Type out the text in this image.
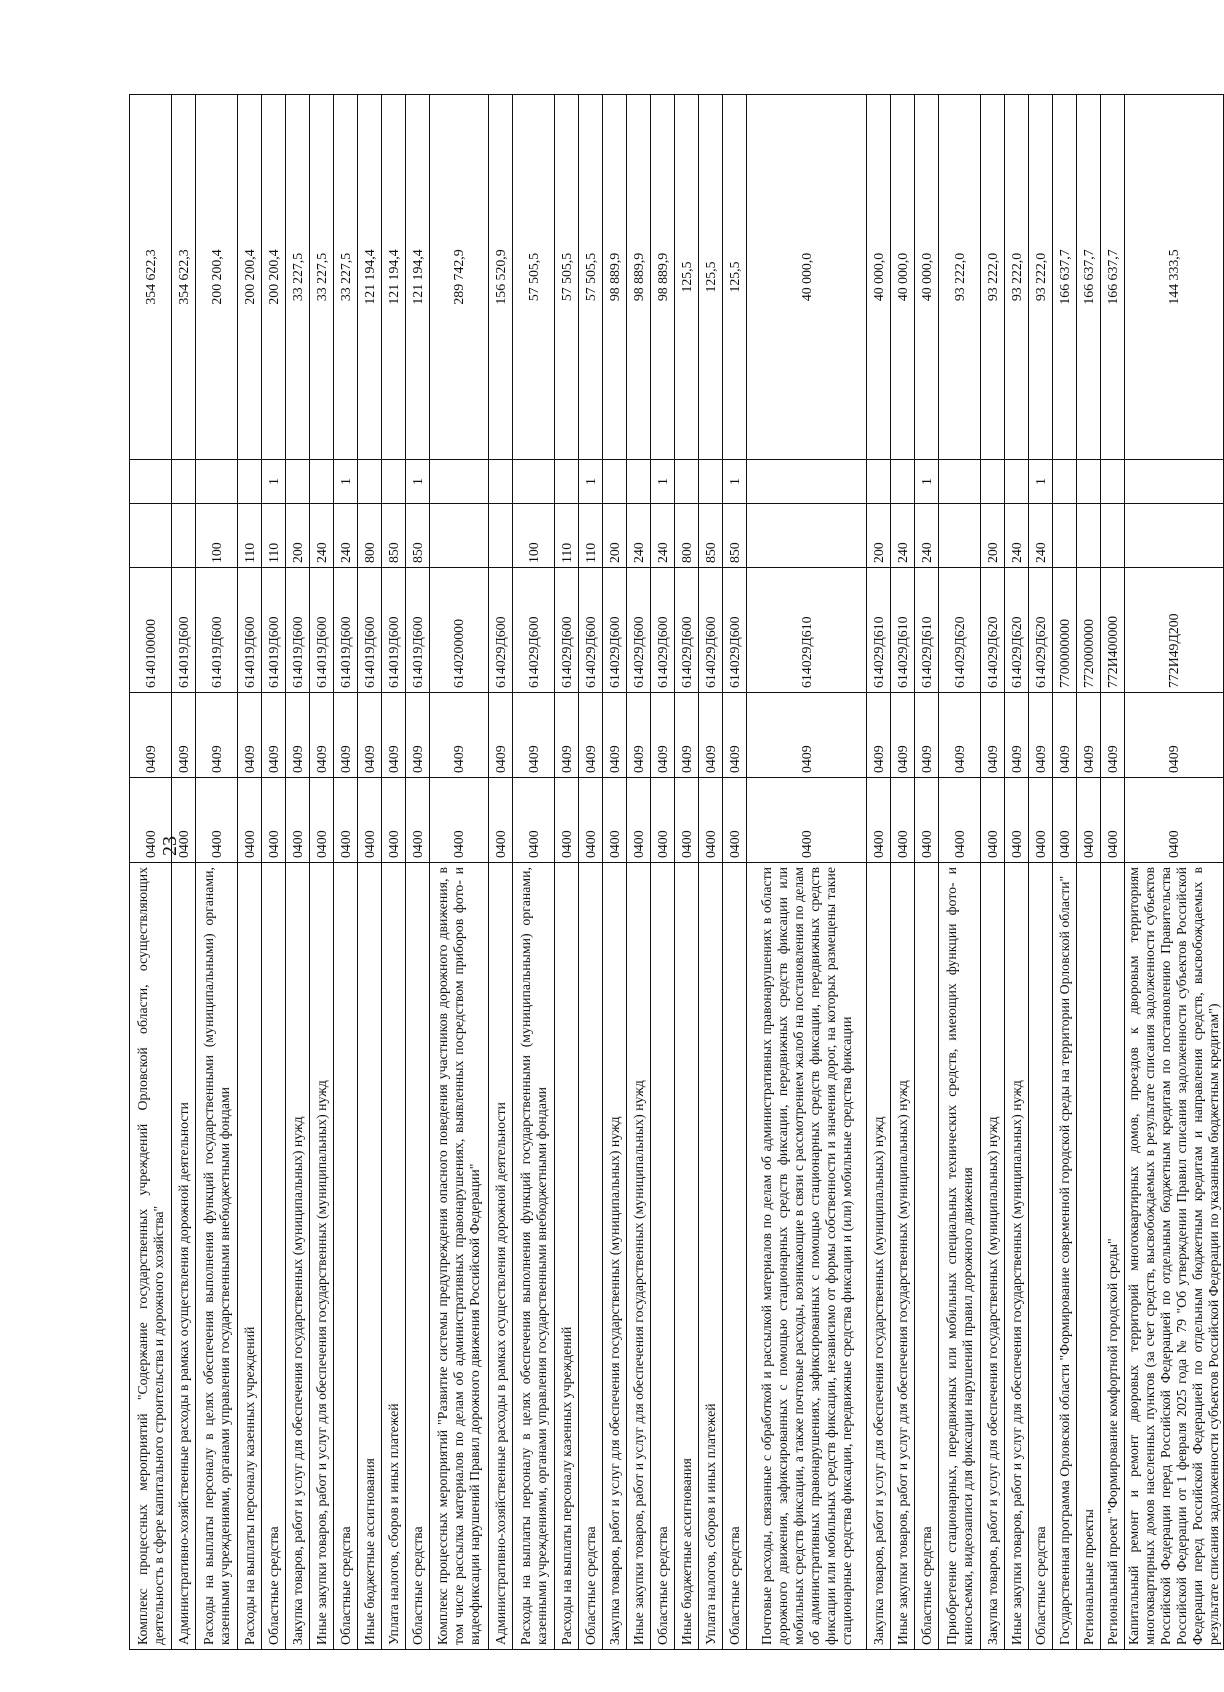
23
Комплекс процессных мероприятий "Содержание государственных учреждений Орловской области, осуществляющих деятельность в сфере капитального строительства и дорожного хозяйства"	0400	0409	6140100000			354 622,3
Административно-хозяйственные расходы в рамках осуществления дорожной деятельности	0400	0409	614019Д600			354 622,3
Расходы на выплаты персоналу в целях обеспечения выполнения функций государственными (муниципальными) органами, казенными учреждениями, органами управления государственными внебюджетными фондами	0400	0409	614019Д600	100		200 200,4
Расходы на выплаты персоналу казенных учреждений	0400	0409	614019Д600	110		200 200,4
Областные средства	0400	0409	614019Д600	110	1	200 200,4
Закупка товаров, работ и услуг для обеспечения государственных (муниципальных) нужд	0400	0409	614019Д600	200		33 227,5
Иные закупки товаров, работ и услуг для обеспечения государственных (муниципальных) нужд	0400	0409	614019Д600	240		33 227,5
Областные средства	0400	0409	614019Д600	240	1	33 227,5
Иные бюджетные ассигнования	0400	0409	614019Д600	800		121 194,4
Уплата налогов, сборов и иных платежей	0400	0409	614019Д600	850		121 194,4
Областные средства	0400	0409	614019Д600	850	1	121 194,4
Комплекс процессных мероприятий "Развитие системы предупреждения опасного поведения участников дорожного движения, в том числе рассылка материалов по делам об административных правонарушениях, выявленных посредством приборов фото- и видеофиксации нарушений Правил дорожного движения Российской Федерации"	0400	0409	6140200000			289 742,9
Административно-хозяйственные расходы в рамках осуществления дорожной деятельности	0400	0409	614029Д600			156 520,9
Расходы на выплаты персоналу в целях обеспечения выполнения функций государственными (муниципальными) органами, казенными учреждениями, органами управления государственными внебюджетными фондами	0400	0409	614029Д600	100		57 505,5
Расходы на выплаты персоналу казенных учреждений	0400	0409	614029Д600	110		57 505,5
Областные средства	0400	0409	614029Д600	110	1	57 505,5
Закупка товаров, работ и услуг для обеспечения государственных (муниципальных) нужд	0400	0409	614029Д600	200		98 889,9
Иные закупки товаров, работ и услуг для обеспечения государственных (муниципальных) нужд	0400	0409	614029Д600	240		98 889,9
Областные средства	0400	0409	614029Д600	240	1	98 889,9
Иные бюджетные ассигнования	0400	0409	614029Д600	800		125,5
Уплата налогов, сборов и иных платежей	0400	0409	614029Д600	850		125,5
Областные средства	0400	0409	614029Д600	850	1	125,5
Почтовые расходы, связанные с обработкой и рассылкой материалов по делам об административных правонарушениях в области дорожного движения, зафиксированных с помощью стационарных средств фиксации, передвижных средств фиксации или мобильных средств фиксации, а также почтовые расходы, возникающие в связи с рассмотрением жалоб на постановления по делам об административных правонарушениях, зафиксированных с помощью стационарных средств фиксации, передвижных средств фиксации или мобильных средств фиксации, независимо от формы собственности и значения дорог, на которых размещены такие стационарные средства фиксации, передвижные средства фиксации и (или) мобильные средства фиксации	0400	0409	614029Д610			40 000,0
Закупка товаров, работ и услуг для обеспечения государственных (муниципальных) нужд	0400	0409	614029Д610	200		40 000,0
Иные закупки товаров, работ и услуг для обеспечения государственных (муниципальных) нужд	0400	0409	614029Д610	240		40 000,0
Областные средства	0400	0409	614029Д610	240	1	40 000,0
Приобретение стационарных, передвижных или мобильных специальных технических средств, имеющих функции фото- и киносъемки, видеозаписи для фиксации нарушений правил дорожного движения	0400	0409	614029Д620			93 222,0
Закупка товаров, работ и услуг для обеспечения государственных (муниципальных) нужд	0400	0409	614029Д620	200		93 222,0
Иные закупки товаров, работ и услуг для обеспечения государственных (муниципальных) нужд	0400	0409	614029Д620	240		93 222,0
Областные средства	0400	0409	614029Д620	240	1	93 222,0
Государственная программа Орловской области "Формирование современной городской среды на территории Орловской области"	0400	0409	7700000000			166 637,7
Региональные проекты	0400	0409	7720000000			166 637,7
Региональный проект "Формирование комфортной городской среды"	0400	0409	772И400000			166 637,7
Капитальный ремонт и ремонт дворовых территорий многоквартирных домов, проездов к дворовым территориям многоквартирных домов населенных пунктов (за счет средств, высвобождаемых в результате списания задолженности субъектов Российской Федерации перед Российской Федерацией по отдельным бюджетным кредитам по постановлению Правительства Российской Федерации от 1 февраля 2025 года № 79 "Об утверждении Правил списания задолженности субъектов Российской Федерации перед Российской Федерацией по отдельным бюджетным кредитам и направления средств, высвобождаемых в результате списания задолженности субъектов Российской Федерации по указанным бюджетным кредитам")	0400	0409	772И49Д200			144 333,5
